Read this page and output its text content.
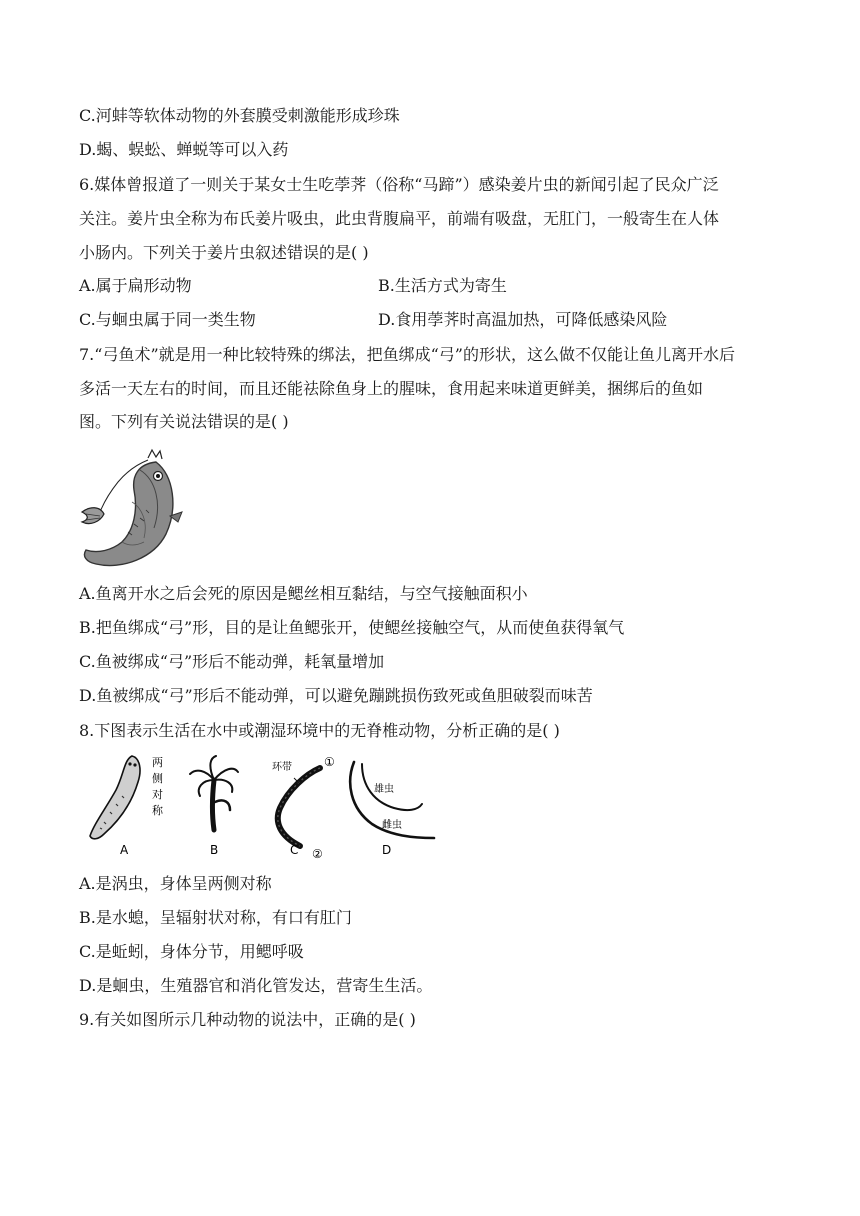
C.河蚌等软体动物的外套膜受刺激能形成珍珠
D.蝎、蜈蚣、蝉蜕等可以入药
6.媒体曾报道了一则关于某女士生吃荸荠（俗称“马蹄”）感染姜片虫的新闻引起了民众广泛
关注。姜片虫全称为布氏姜片吸虫，此虫背腹扁平，前端有吸盘，无肛门，一般寄生在人体
小肠内。下列关于姜片虫叙述错误的是( )
A.属于扁形动物	B.生活方式为寄生
C.与蛔虫属于同一类生物	D.食用荸荠时高温加热，可降低感染风险
7.“弓鱼术”就是用一种比较特殊的绑法，把鱼绑成“弓”的形状，这么做不仅能让鱼儿离开水后
多活一天左右的时间，而且还能祛除鱼身上的腥味，食用起来味道更鲜美，捆绑后的鱼如
图。下列有关说法错误的是( )
A.鱼离开水之后会死的原因是鳃丝相互黏结，与空气接触面积小
B.把鱼绑成“弓”形，目的是让鱼鳃张开，使鳃丝接触空气，从而使鱼获得氧气
C.鱼被绑成“弓”形后不能动弹，耗氧量增加
D.鱼被绑成“弓”形后不能动弹，可以避免蹦跳损伤致死或鱼胆破裂而味苦
8.下图表示生活在水中或潮湿环境中的无脊椎动物，分析正确的是( )
两
侧
对
称
A	B
环带	①
②
C
雄虫
雌虫
D
A.是涡虫，身体呈两侧对称
B.是水螅，呈辐射状对称，有口有肛门
C.是蚯蚓，身体分节，用鳃呼吸
D.是蛔虫，生殖器官和消化管发达，营寄生生活。
9.有关如图所示几种动物的说法中，正确的是( )
